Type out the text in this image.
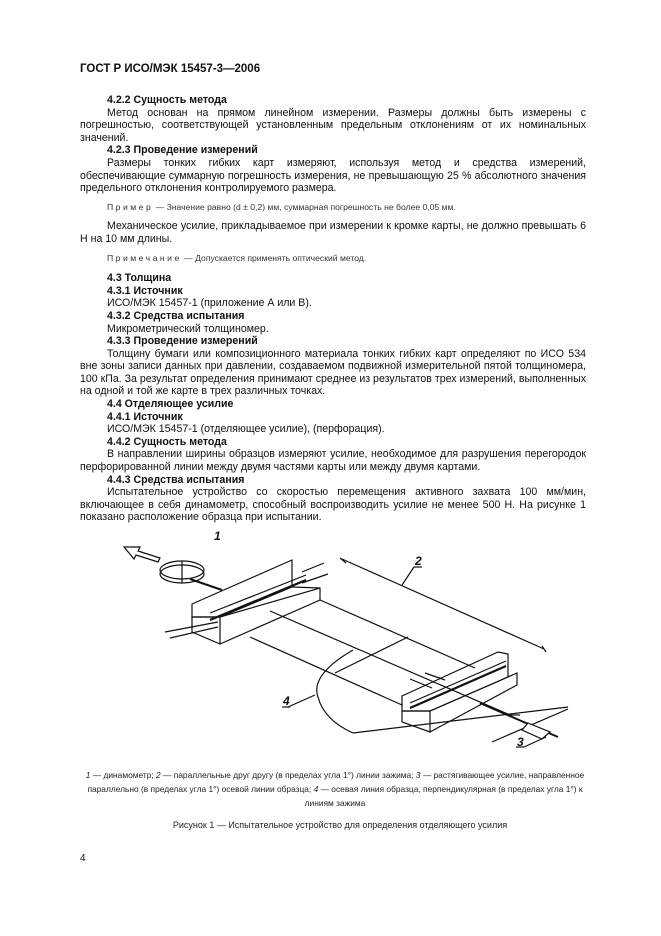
ГОСТ Р ИСО/МЭК 15457-3—2006
4.2.2 Сущность метода
Метод основан на прямом линейном измерении. Размеры должны быть измерены с погрешностью, соответствующей установленным предельным отклонениям от их номинальных значений.
4.2.3 Проведение измерений
Размеры тонких гибких карт измеряют, используя метод и средства измерений, обеспечивающие суммарную погрешность измерения, не превышающую 25 % абсолютного значения предельного отклонения контролируемого размера.
Пример — Значение равно (d ± 0,2) мм, суммарная погрешность не более 0,05 мм.
Механическое усилие, прикладываемое при измерении к кромке карты, не должно превышать 6 Н на 10 мм длины.
Примечание — Допускается применять оптический метод.
4.3 Толщина
4.3.1 Источник
ИСО/МЭК 15457-1 (приложение А или В).
4.3.2 Средства испытания
Микрометрический толщиномер.
4.3.3 Проведение измерений
Толщину бумаги или композиционного материала тонких гибких карт определяют по ИСО 534 вне зоны записи данных при давлении, создаваемом подвижной измерительной пятой толщиномера, 100 кПа. За результат определения принимают среднее из результатов трех измерений, выполненных на одной и той же карте в трех различных точках.
4.4 Отделяющее усилие
4.4.1 Источник
ИСО/МЭК 15457-1 (отделяющее усилие), (перфорация).
4.4.2 Сущность метода
В направлении ширины образцов измеряют усилие, необходимое для разрушения перегородок перфорированной линии между двумя частями карты или между двумя картами.
4.4.3 Средства испытания
Испытательное устройство со скоростью перемещения активного захвата 100 мм/мин, включающее в себя динамометр, способный воспроизводить усилие не менее 500 Н. На рисунке 1 показано расположение образца при испытании.
1
2
3
4
1 — динамометр; 2 — параллельные друг другу (в пределах угла 1°) линии зажима; 3 — растягивающее усилие, направленное параллельно (в пределах угла 1°) осевой линии образца; 4 — осевая линия образца, перпендикулярная (в пределах угла 1°) к линиям зажима
Рисунок 1 — Испытательное устройство для определения отделяющего усилия
4
